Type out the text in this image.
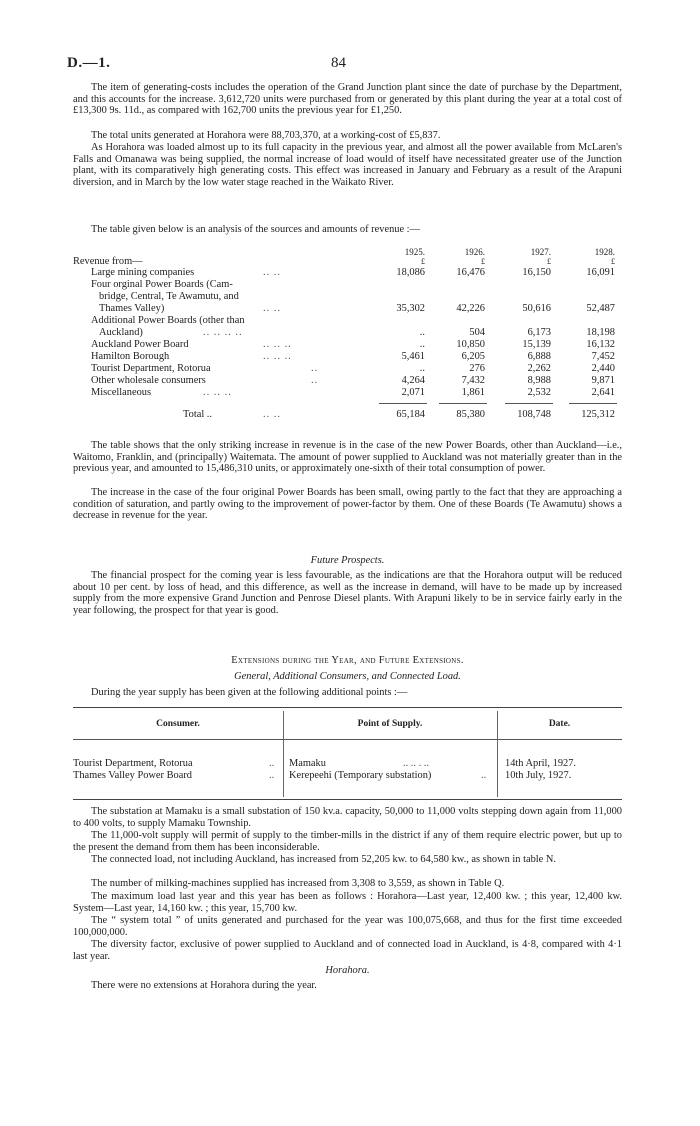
D.—1.	84

The item of generating-costs includes the operation of the Grand Junction plant since the date of purchase by the Department, and this accounts for the increase. 3,612,720 units were purchased from or generated by this plant during the year at a total cost of £13,300 9s. 11d., as compared with 162,700 units the previous year for £1,250.

The total units generated at Horahora were 88,703,370, at a working-cost of £5,837.

As Horahora was loaded almost up to its full capacity in the previous year, and almost all the power available from McLaren's Falls and Omanawa was being supplied, the normal increase of load would of itself have necessitated greater use of the Junction plant, with its comparatively high generating costs. This effect was increased in January and February as a result of the Arapuni diversion, and in March by the low water stage reached in the Waikato River.

The table given below is an analysis of the sources and amounts of revenue :—

1925.	1926.	1927.	1928.
Revenue from—	£	£	£	£
Large mining companies	.. ..	18,086	16,476	16,150	16,091
Four orginal Power Boards (Cam-
bridge, Central, Te Awamutu, and
Thames Valley)	.. ..	35,302	42,226	50,616	52,487
Additional Power Boards (other than
Auckland)	.. .. .. ..	..	504	6,173	18,198
Auckland Power Board	.. .. ..	..	10,850	15,139	16,132
Hamilton Borough	.. .. ..	5,461	6,205	6,888	7,452
Tourist Department, Rotorua	..	..	276	2,262	2,440
Other wholesale consumers	..	4,264	7,432	8,988	9,871
Miscellaneous	.. .. ..	2,071	1,861	2,532	2,641
Total ..	.. ..	65,184	85,380	108,748	125,312

The table shows that the only striking increase in revenue is in the case of the new Power Boards, other than Auckland—i.e., Waitomo, Franklin, and (principally) Waitemata. The amount of power supplied to Auckland was not materially greater than in the previous year, and amounted to 15,486,310 units, or approximately one-sixth of their total consumption of power.

The increase in the case of the four original Power Boards has been small, owing partly to the fact that they are approaching a condition of saturation, and partly owing to the improvement of power-factor by them. One of these Boards (Te Awamutu) shows a decrease in revenue for the year.

Future Prospects.

The financial prospect for the coming year is less favourable, as the indications are that the Horahora output will be reduced about 10 per cent. by loss of head, and this difference, as well as the increase in demand, will have to be made up by increased supply from the more expensive Grand Junction and Penrose Diesel plants. With Arapuni likely to be in service fairly early in the year following, the prospect for that year is good.

Extensions during the Year, and Future Extensions.
General, Additional Consumers, and Connected Load.

During the year supply has been given at the following additional points :—

Consumer.	Point of Supply.	Date.
Tourist Department, Rotorua	.. Mamaku	.. .. . ..	14th April, 1927.
Thames Valley Power Board	.. Kerepeehi (Temporary substation)	.. 10th July, 1927.

The substation at Mamaku is a small substation of 150 kv.a. capacity, 50,000 to 11,000 volts stepping down again from 11,000 to 400 volts, to supply Mamaku Township.

The 11,000-volt supply will permit of supply to the timber-mills in the district if any of them require electric power, but up to the present the demand from them has been inconsiderable.

The connected load, not including Auckland, has increased from 52,205 kw. to 64,580 kw., as shown in table N.

The number of milking-machines supplied has increased from 3,308 to 3,559, as shown in Table Q.

The maximum load last year and this year has been as follows : Horahora—Last year, 12,400 kw. ; this year, 12,400 kw. System—Last year, 14,160 kw. ; this year, 15,700 kw.

The “ system total ” of units generated and purchased for the year was 100,075,668, and thus for the first time exceeded 100,000,000.

The diversity factor, exclusive of power supplied to Auckland and of connected load in Auckland, is 4·8, compared with 4·1 last year.

Horahora.

There were no extensions at Horahora during the year.
